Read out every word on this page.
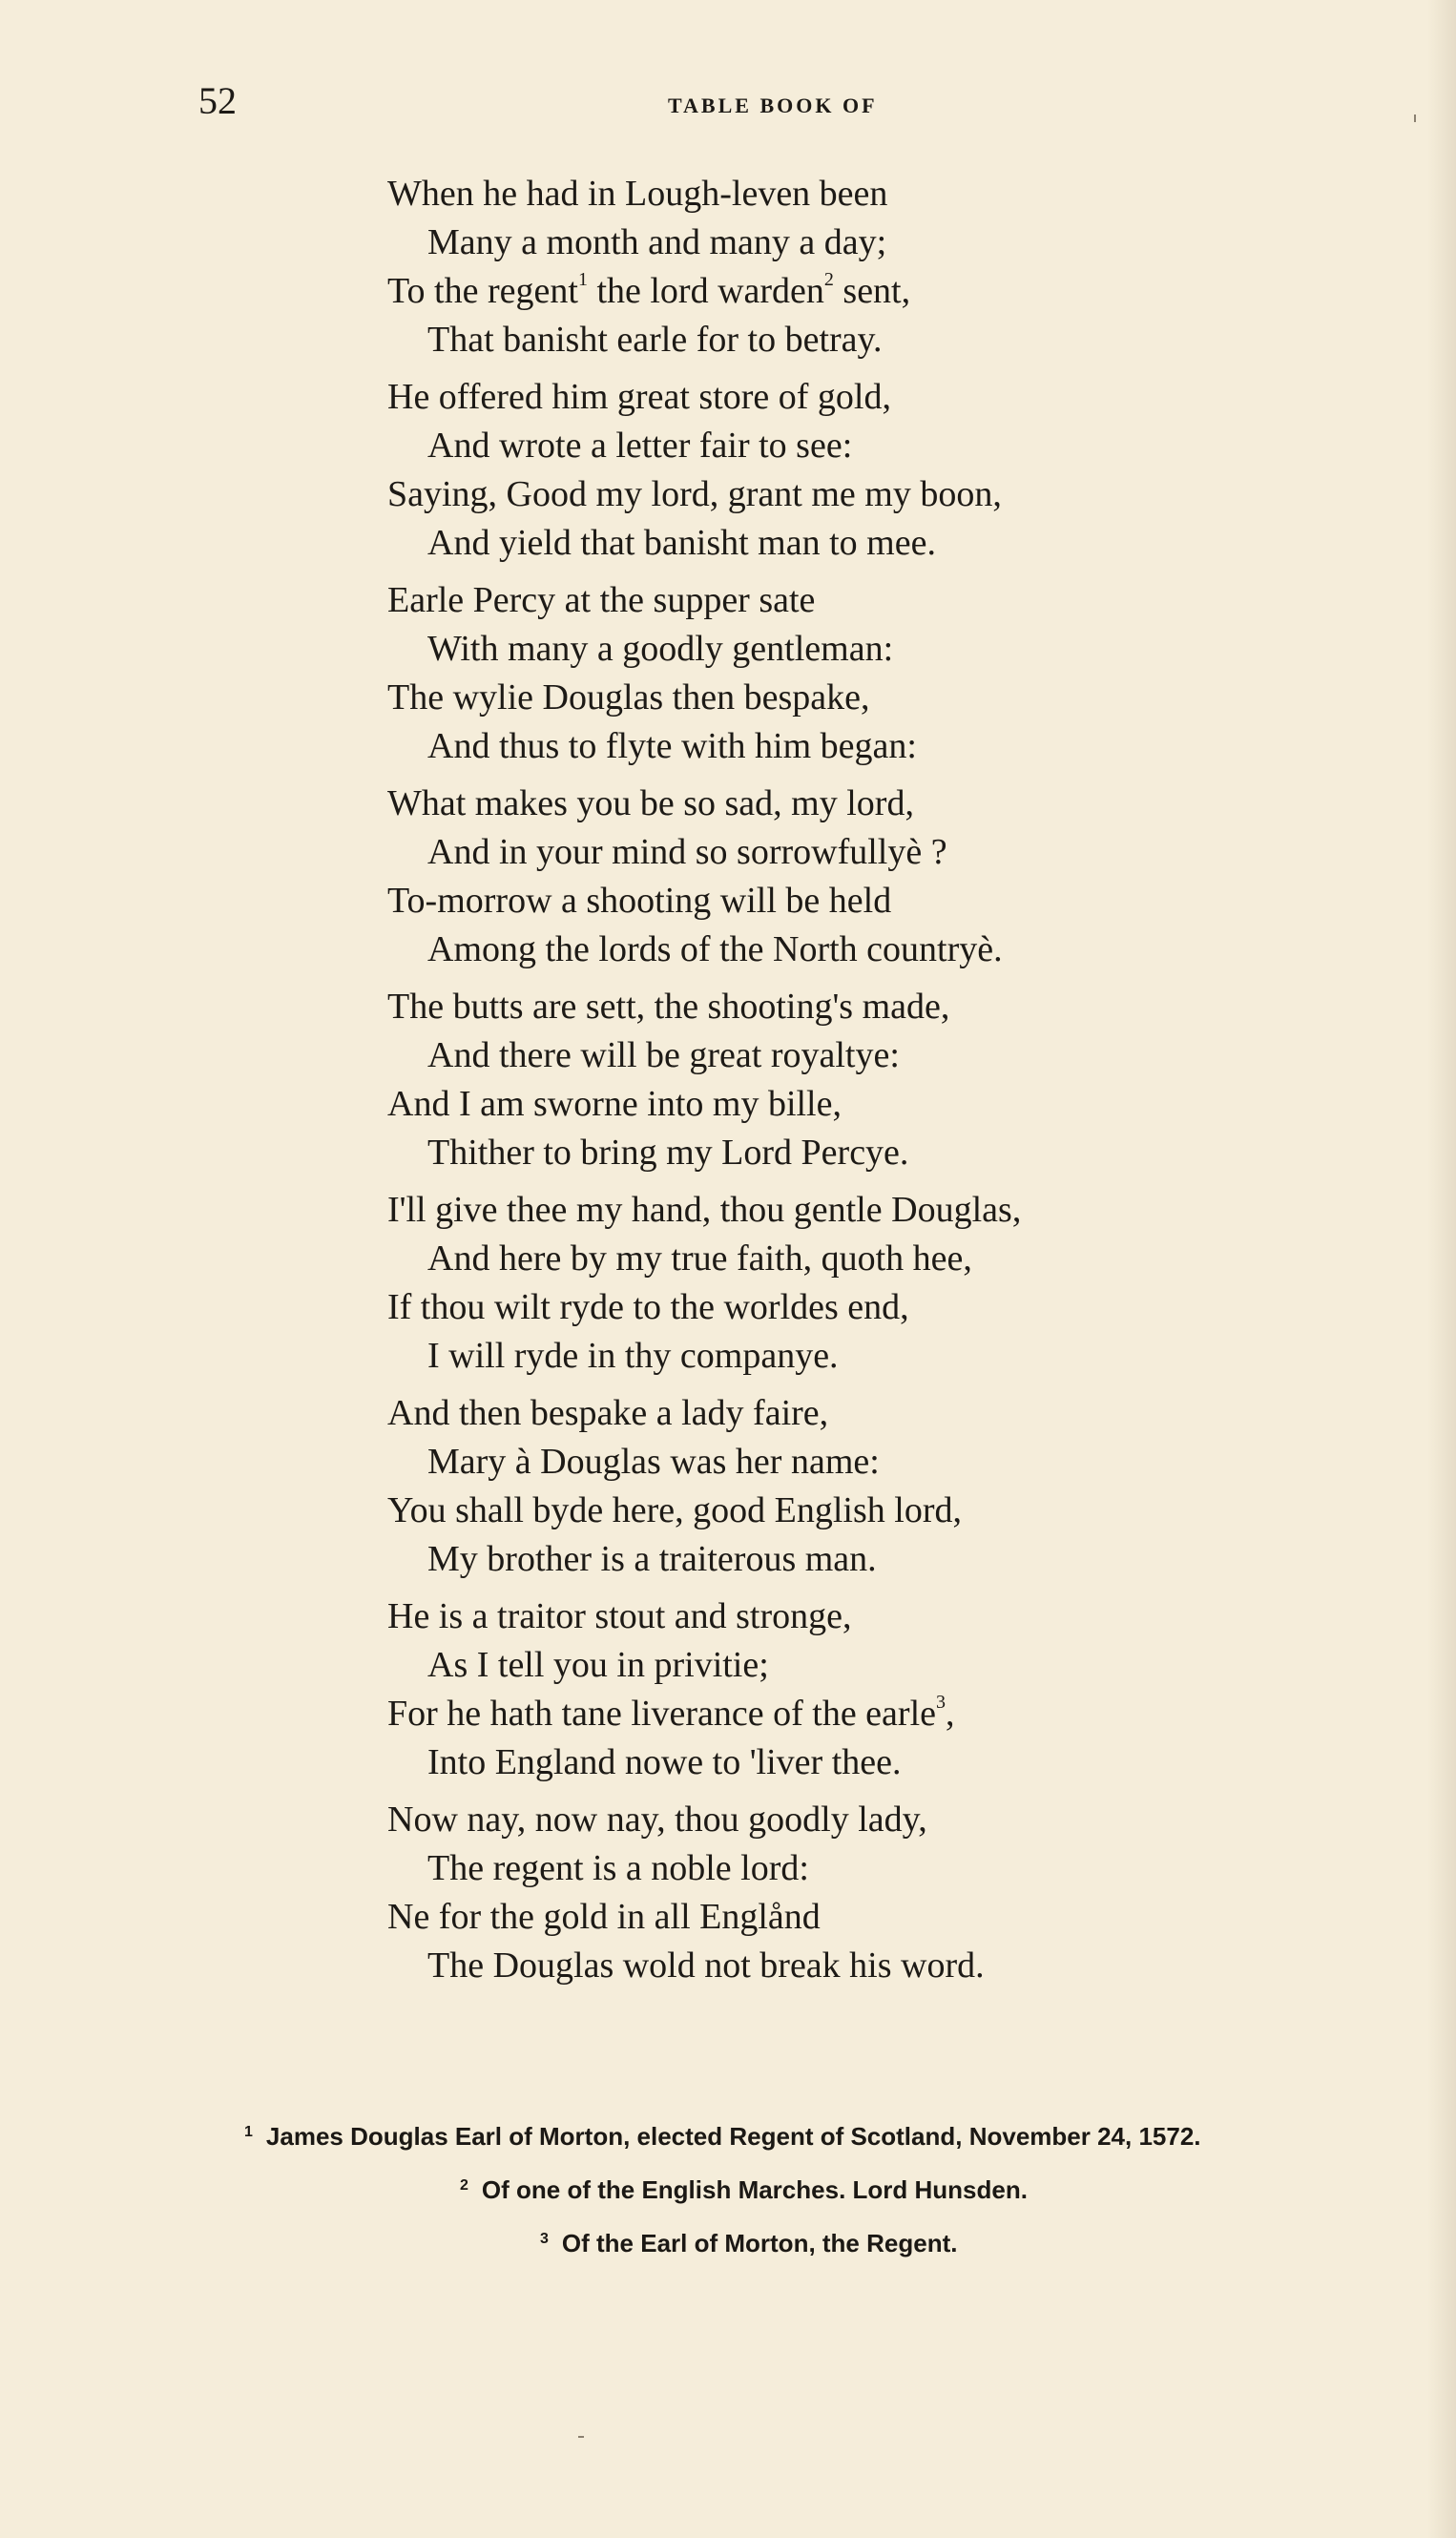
52	TABLE BOOK OF
When he had in Lough-leven been
Many a month and many a day;
To the regent$^1$ the lord warden$^2$ sent,
That banisht earle for to betray.
He offered him great store of gold,
And wrote a letter fair to see:
Saying, Good my lord, grant me my boon,
And yield that banisht man to mee.
Earle Percy at the supper sate
With many a goodly gentleman:
The wylie Douglas then bespake,
And thus to flyte with him began:
What makes you be so sad, my lord,
And in your mind so sorrowfullyè ?
To-morrow a shooting will be held
Among the lords of the North countryè.
The butts are sett, the shooting's made,
And there will be great royaltye:
And I am sworne into my bille,
Thither to bring my Lord Percye.
I'll give thee my hand, thou gentle Douglas,
And here by my true faith, quoth hee,
If thou wilt ryde to the worldes end,
I will ryde in thy companye.
And then bespake a lady faire,
Mary à Douglas was her name:
You shall byde here, good English lord,
My brother is a traiterous man.
He is a traitor stout and stronge,
As I tell you in privitie;
For he hath tane liverance of the earle$^3$,
Into England nowe to 'liver thee.
Now nay, now nay, thou goodly lady,
The regent is a noble lord:
Ne for the gold in all Englånd
The Douglas wold not break his word.
$^1$ James Douglas Earl of Morton, elected Regent of Scotland, November 24, 1572.
$^2$ Of one of the English Marches. Lord Hunsden.
$^3$ Of the Earl of Morton, the Regent.
